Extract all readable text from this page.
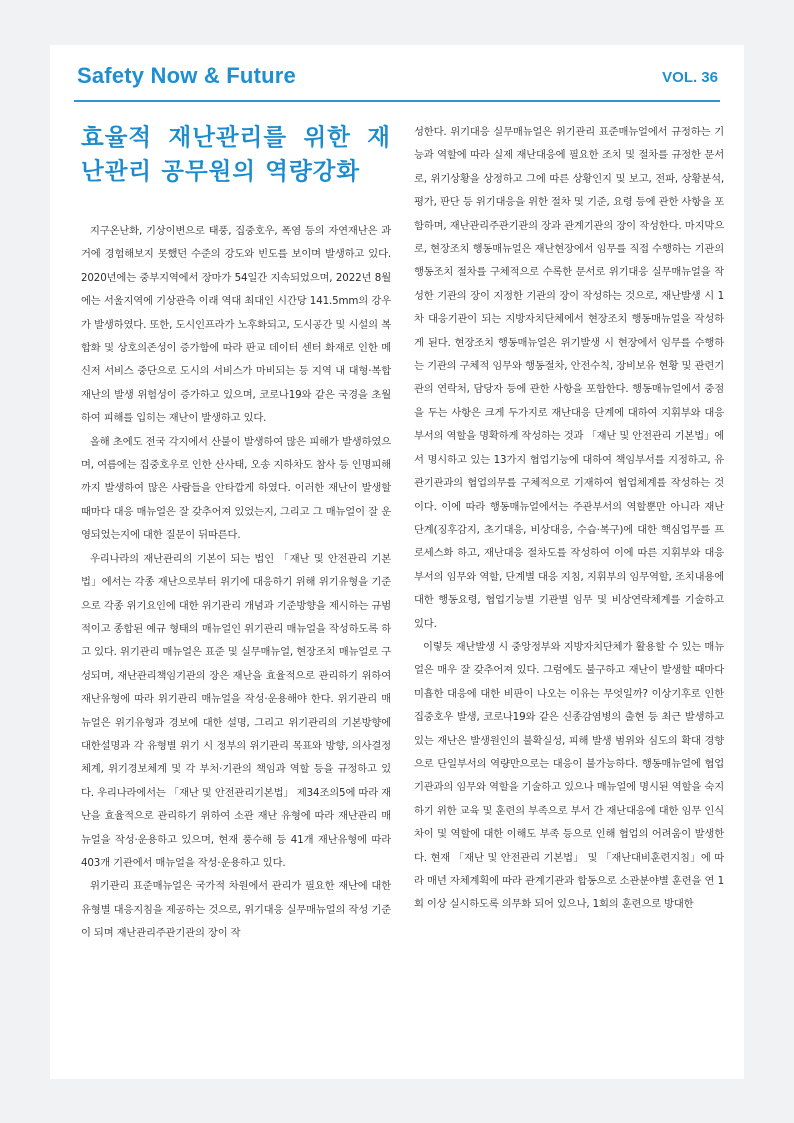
Safety Now & Future	VOL. 36
효율적 재난관리를 위한 재난관리 공무원의 역량강화

지구온난화, 기상이변으로 태풍, 집중호우, 폭염 등의 자연재난은 과거에 경험해보지 못했던 수준의 강도와 빈도를 보이며 발생하고 있다. 2020년에는 중부지역에서 장마가 54일간 지속되었으며, 2022년 8월에는 서울지역에 기상관측 이래 역대 최대인 시간당 141.5mm의 강우가 발생하였다. 또한, 도시인프라가 노후화되고, 도시공간 및 시설의 복합화 및 상호의존성이 증가함에 따라 판교 데이터 센터 화재로 인한 메신저 서비스 중단으로 도시의 서비스가 마비되는 등 지역 내 대형·복합재난의 발생 위험성이 증가하고 있으며, 코로나19와 같은 국경을 초월하여 피해를 입히는 재난이 발생하고 있다.

올해 초에도 전국 각지에서 산불이 발생하여 많은 피해가 발생하였으며, 여름에는 집중호우로 인한 산사태, 오송 지하차도 참사 등 인명피해까지 발생하여 많은 사람들을 안타깝게 하였다. 이러한 재난이 발생할때마다 대응 매뉴얼은 잘 갖추어져 있었는지, 그리고 그 매뉴얼이 잘 운영되었는지에 대한 질문이 뒤따른다.

우리나라의 재난관리의 기본이 되는 법인 「재난 및 안전관리 기본법」에서는 각종 재난으로부터 위기에 대응하기 위해 위기유형을 기준으로 각종 위기요인에 대한 위기관리 개념과 기준방향을 제시하는 규범적이고 종합된 예규 형태의 매뉴얼인 위기관리 매뉴얼을 작성하도록 하고 있다. 위기관리 매뉴얼은 표준 및 실무매뉴얼, 현장조치 매뉴얼로 구성되며, 재난관리책임기관의 장은 재난을 효율적으로 관리하기 위하여 재난유형에 따라 위기관리 매뉴얼을 작성·운용해야 한다. 위기관리 매뉴얼은 위기유형과 경보에 대한 설명, 그리고 위기관리의 기본방향에 대한설명과 각 유형별 위기 시 정부의 위기관리 목표와 방향, 의사결정체계, 위기경보체계 및 각 부처·기관의 책임과 역할 등을 규정하고 있다. 우리나라에서는 「재난 및 안전관리기본법」 제34조의5에 따라 재난을 효율적으로 관리하기 위하여 소관 재난 유형에 따라 재난관리 매뉴얼을 작성·운용하고 있으며, 현재 풍수해 등 41개 재난유형에 따라 403개 기관에서 매뉴얼을 작성·운용하고 있다.

위기관리 표준매뉴얼은 국가적 차원에서 관리가 필요한 재난에 대한 유형별 대응지침을 제공하는 것으로, 위기대응 실무매뉴얼의 작성 기준이 되며 재난관리주관기관의 장이 작

성한다. 위기대응 실무매뉴얼은 위기관리 표준매뉴얼에서 규정하는 기능과 역할에 따라 실제 재난대응에 필요한 조치 및 절차를 규정한 문서로, 위기상황을 상정하고 그에 따른 상황인지 및 보고, 전파, 상황분석, 평가, 판단 등 위기대응을 위한 절차 및 기준, 요령 등에 관한 사항을 포함하며, 재난관리주관기관의 장과 관계기관의 장이 작성한다. 마지막으로, 현장조치 행동매뉴얼은 재난현장에서 임무를 직접 수행하는 기관의 행동조치 절차를 구체적으로 수록한 문서로 위기대응 실무매뉴얼을 작성한 기관의 장이 지정한 기관의 장이 작성하는 것으로, 재난발생 시 1차 대응기관이 되는 지방자치단체에서 현장조치 행동매뉴얼을 작성하게 된다. 현장조치 행동매뉴얼은 위기발생 시 현장에서 임무를 수행하는 기관의 구체적 임무와 행동절차, 안전수칙, 장비보유 현황 및 관련기관의 연락처, 담당자 등에 관한 사항을 포함한다. 행동매뉴얼에서 중점을 두는 사항은 크게 두가지로 재난대응 단계에 대하여 지휘부와 대응부서의 역할을 명확하게 작성하는 것과 「재난 및 안전관리 기본법」에서 명시하고 있는 13가지 협업기능에 대하여 책임부서를 지정하고, 유관기관과의 협업의무를 구체적으로 기재하여 협업체계를 작성하는 것이다. 이에 따라 행동매뉴얼에서는 주관부서의 역할뿐만 아니라 재난 단계(징후감지, 초기대응, 비상대응, 수습·복구)에 대한 핵심업무를 프로세스화 하고, 재난대응 절차도를 작성하여 이에 따른 지휘부와 대응부서의 임무와 역할, 단계별 대응 지침, 지휘부의 임무역할, 조치내용에 대한 행동요령, 협업기능별 기관별 임무 및 비상연락체계를 기술하고 있다.

이렇듯 재난발생 시 중앙정부와 지방자치단체가 활용할 수 있는 매뉴얼은 매우 잘 갖추어져 있다. 그럼에도 불구하고 재난이 발생할 때마다 미흡한 대응에 대한 비판이 나오는 이유는 무엇일까? 이상기후로 인한 집중호우 발생, 코로나19와 같은 신종감염병의 출현 등 최근 발생하고 있는 재난은 발생원인의 불확실성, 피해 발생 범위와 심도의 확대 경향으로 단일부서의 역량만으로는 대응이 불가능하다. 행동매뉴얼에 협업기관과의 임무와 역할을 기술하고 있으나 매뉴얼에 명시된 역할을 숙지하기 위한 교육 및 훈련의 부족으로 부서 간 재난대응에 대한 임무 인식 차이 및 역할에 대한 이해도 부족 등으로 인해 협업의 어려움이 발생한다. 현재 「재난 및 안전관리 기본법」 및 「재난대비훈련지침」에 따라 매년 자체계획에 따라 관계기관과 합동으로 소관분야별 훈련을 연 1회 이상 실시하도록 의무화 되어 있으나, 1회의 훈련으로 방대한
